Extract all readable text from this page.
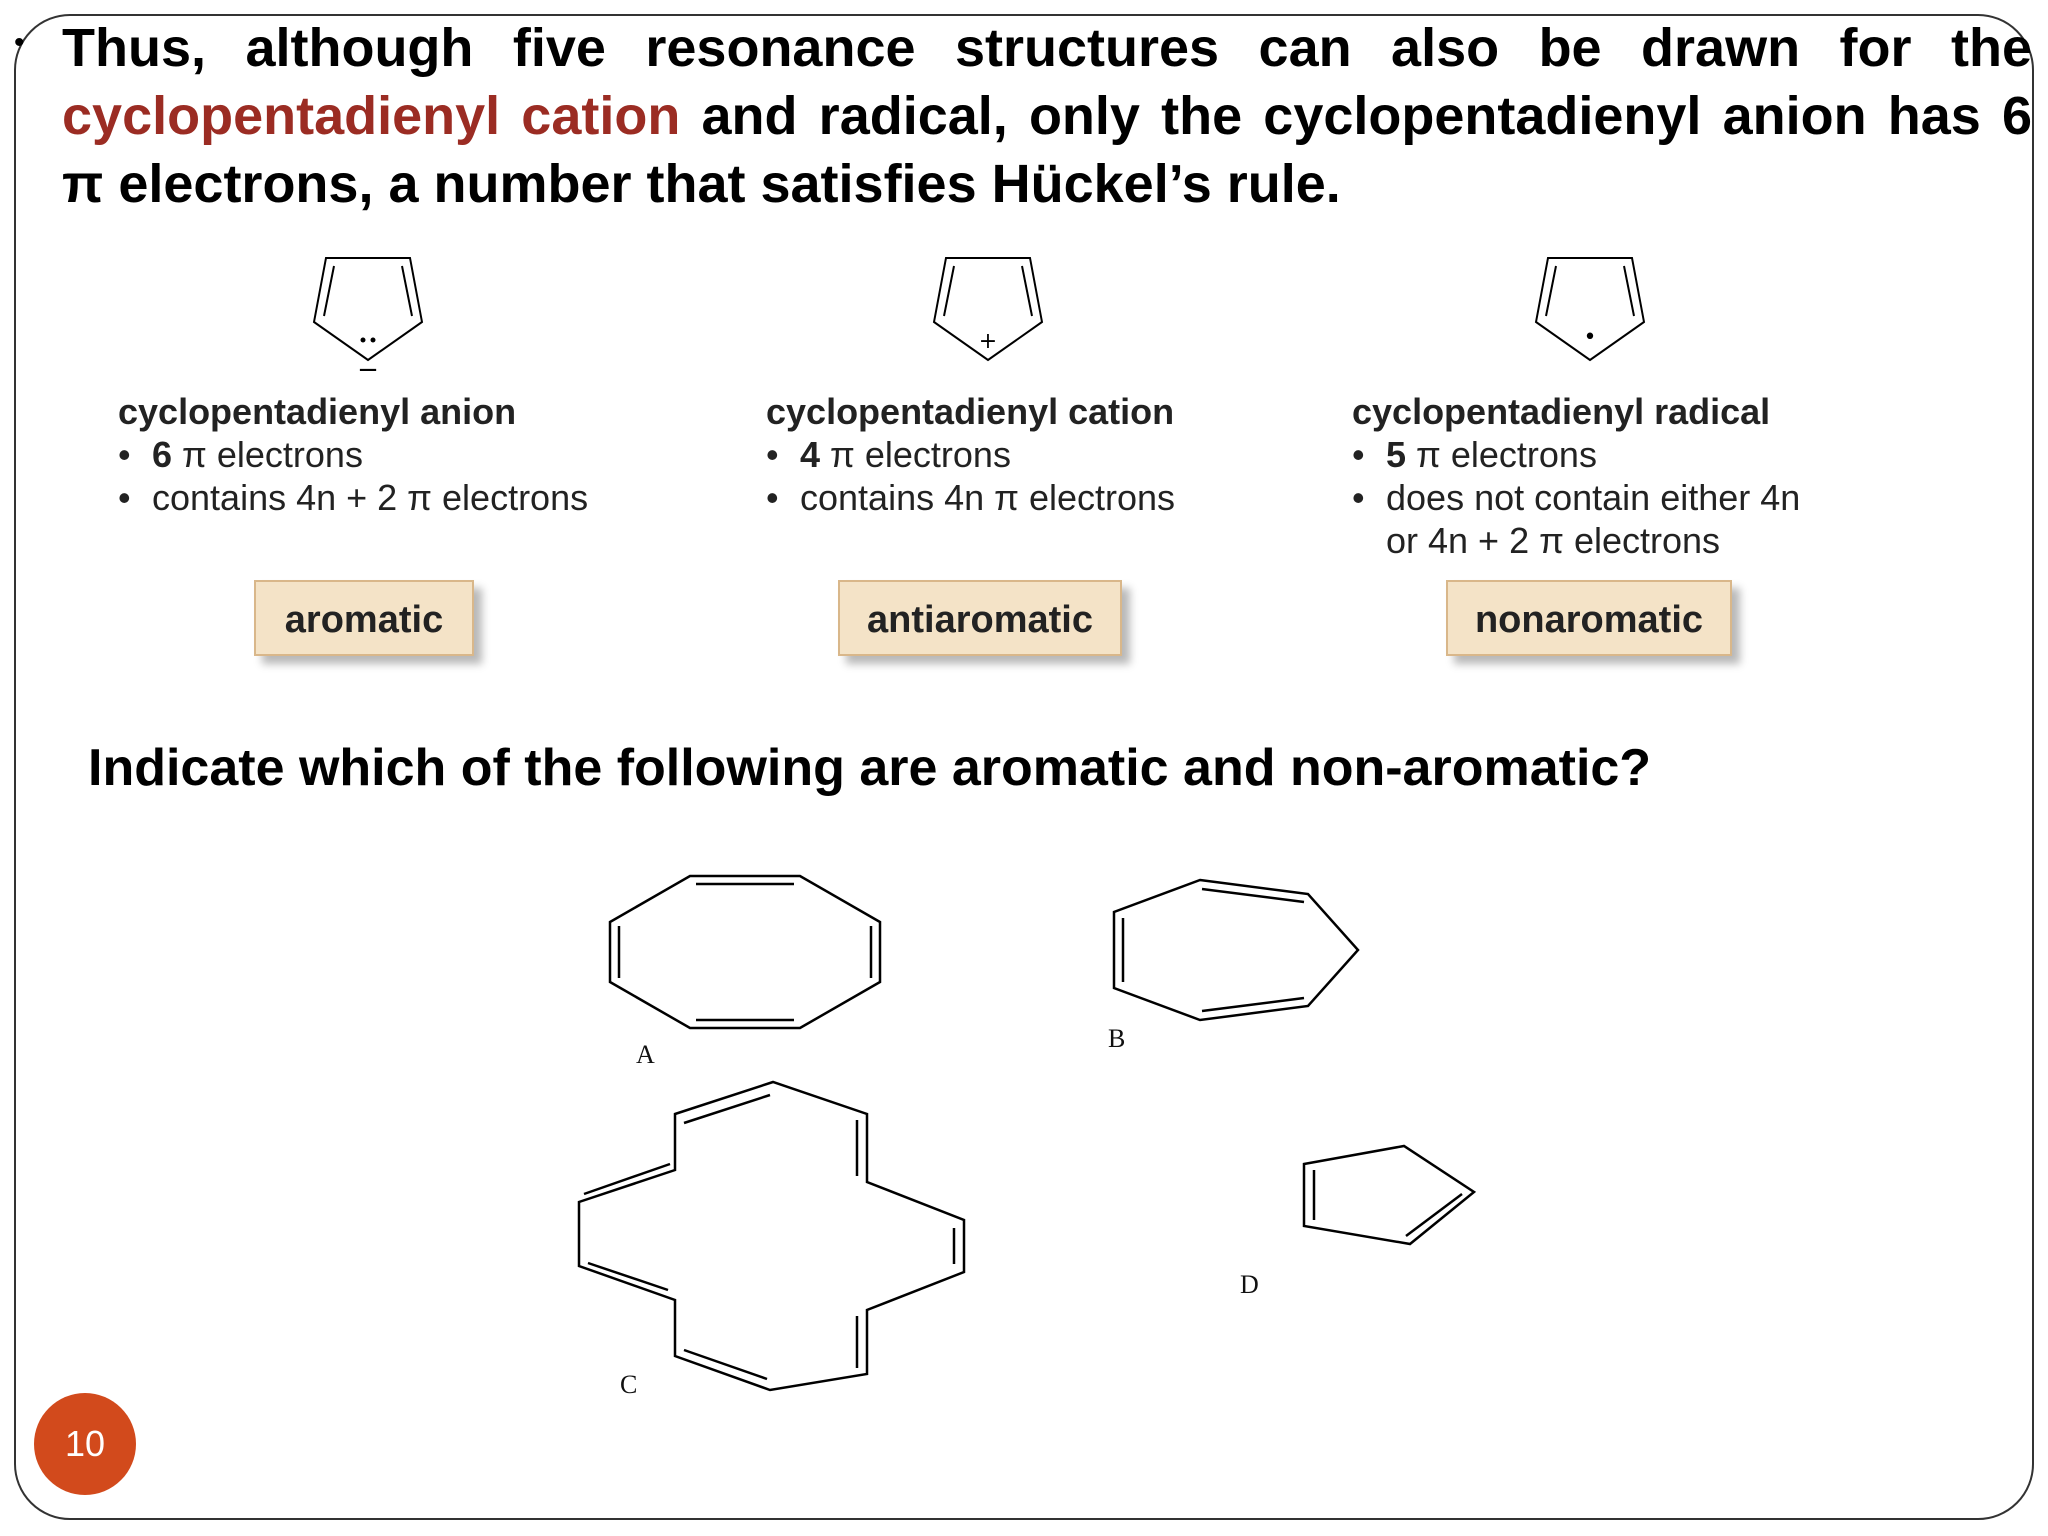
• Thus, although five resonance structures can also be drawn for the cyclopentadienyl cation and radical, only the cyclopentadienyl anion has 6 π electrons, a number that satisfies Hückel’s rule.
−
+	•
cyclopentadienyl anion
• 6 π electrons
• contains 4n + 2 π electrons
cyclopentadienyl cation
• 4 π electrons
• contains 4n π electrons
cyclopentadienyl radical
• 5 π electrons
• does not contain either 4n
or 4n + 2 π electrons
aromatic	antiaromatic	nonaromatic
Indicate which of the following are aromatic and non-aromatic?
A
B
C
D
10
